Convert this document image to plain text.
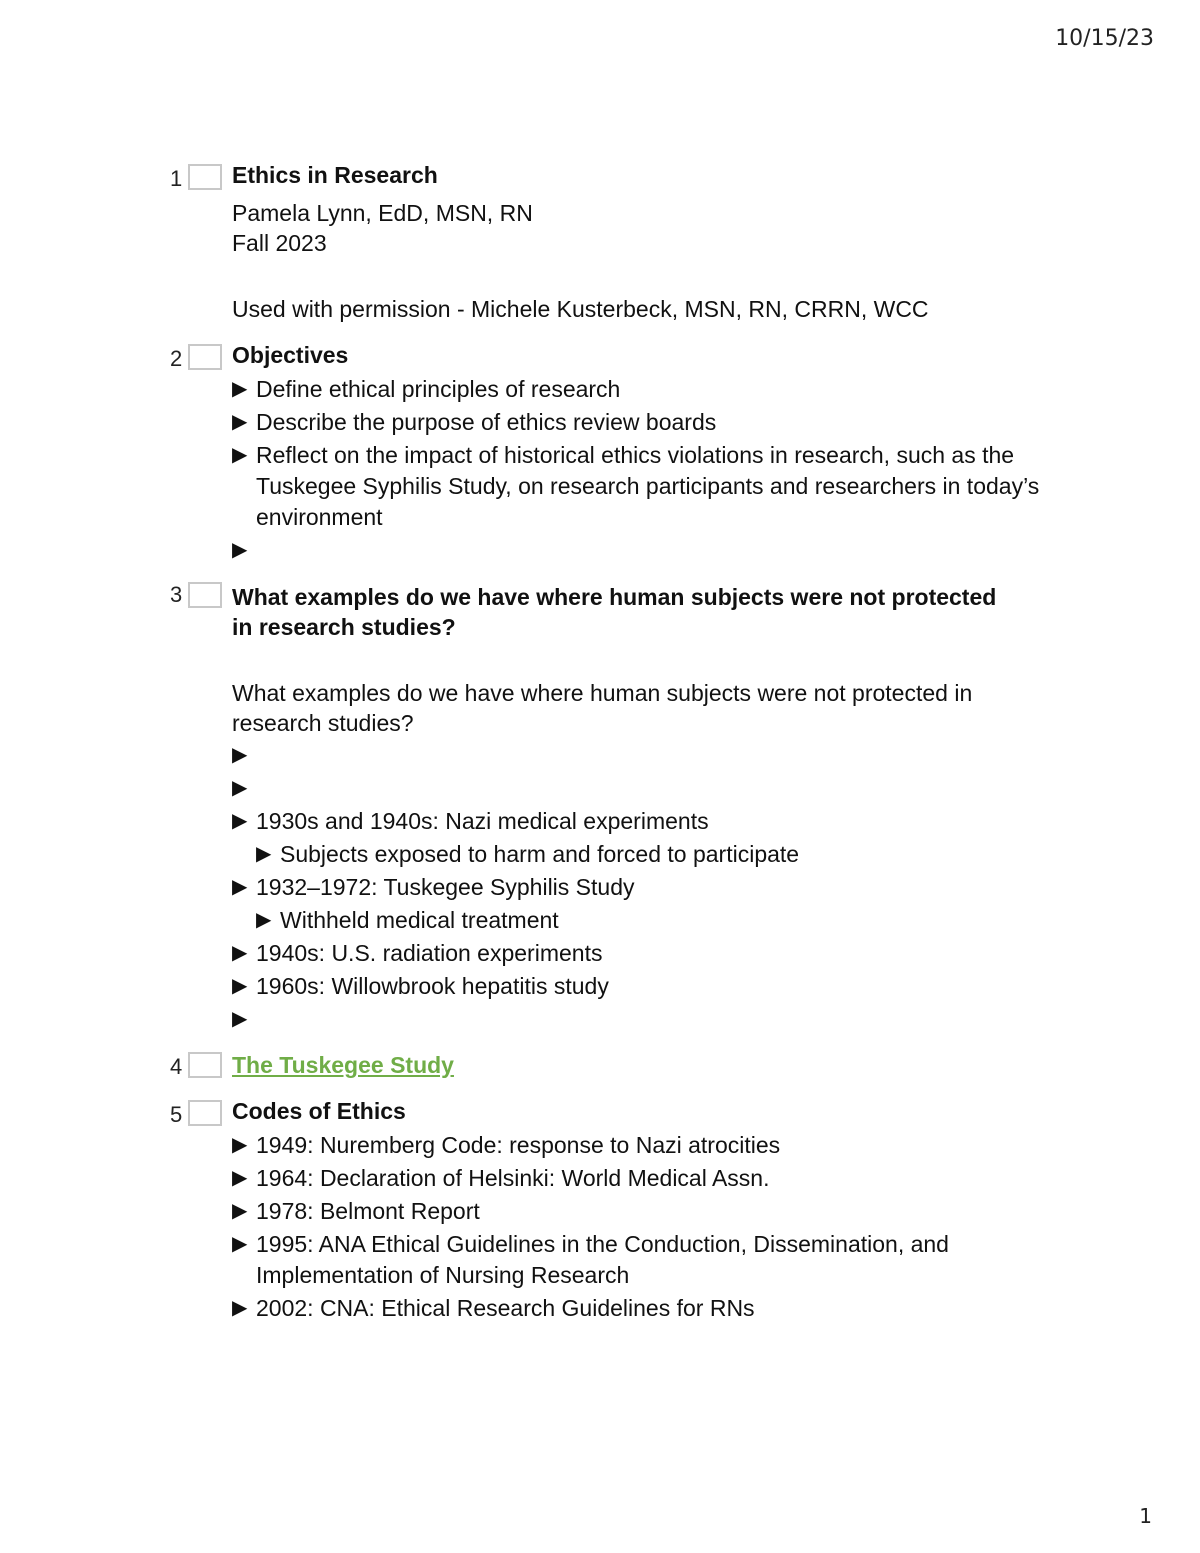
10/15/23
1 Ethics in Research
Pamela Lynn, EdD, MSN, RN
Fall 2023
Used with permission - Michele Kusterbeck, MSN, RN, CRRN, WCC
2 Objectives
▶ Define ethical principles of research
▶ Describe the purpose of ethics review boards
▶ Reflect on the impact of historical ethics violations in research, such as the Tuskegee Syphilis Study, on research participants and researchers in today’s environment
▶
3 What examples do we have where human subjects were not protected in research studies?
What examples do we have where human subjects were not protected in research studies?
▶
▶
▶ 1930s and 1940s: Nazi medical experiments
▶ Subjects exposed to harm and forced to participate
▶ 1932–1972: Tuskegee Syphilis Study
▶ Withheld medical treatment
▶ 1940s: U.S. radiation experiments
▶ 1960s: Willowbrook hepatitis study
▶
4 The Tuskegee Study
5 Codes of Ethics
▶ 1949: Nuremberg Code: response to Nazi atrocities
▶ 1964: Declaration of Helsinki: World Medical Assn.
▶ 1978: Belmont Report
▶ 1995: ANA Ethical Guidelines in the Conduction, Dissemination, and Implementation of Nursing Research
▶ 2002: CNA: Ethical Research Guidelines for RNs
1
